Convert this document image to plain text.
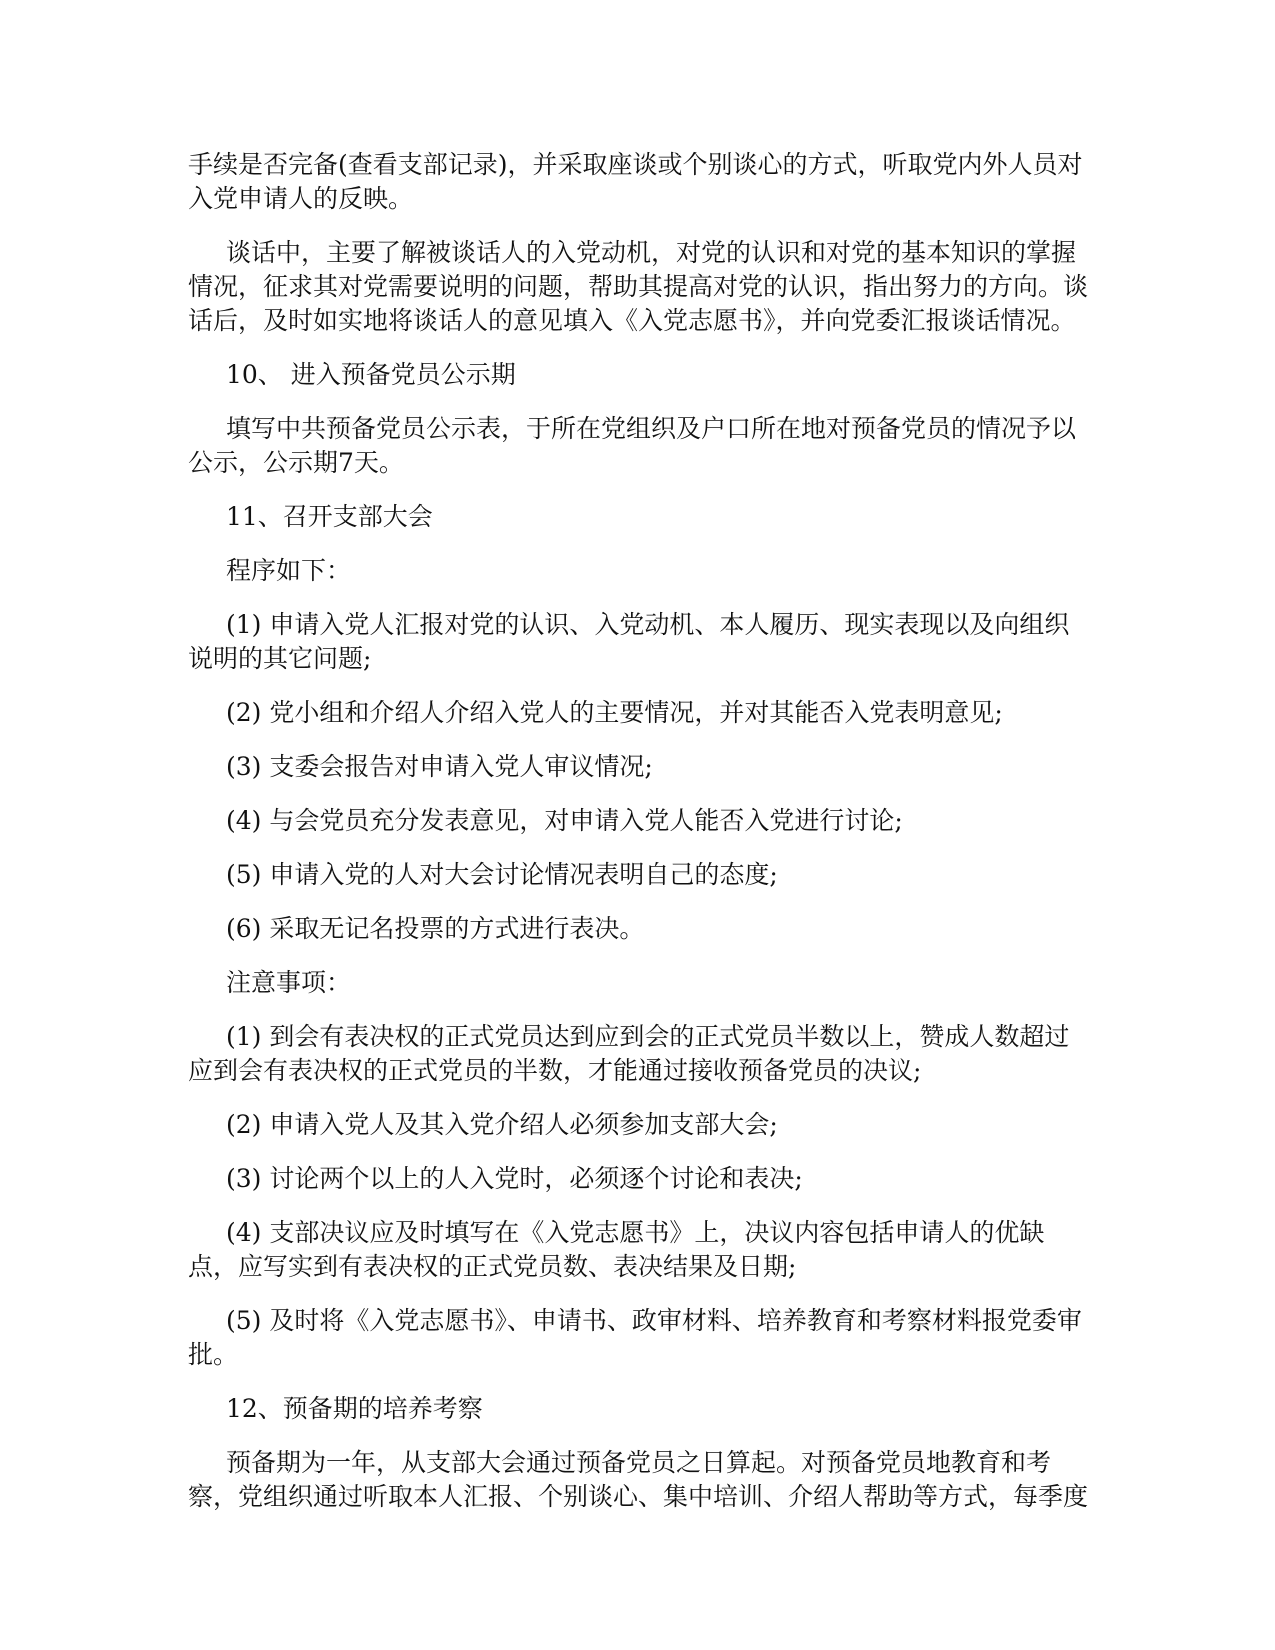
手续是否完备(查看支部记录)，并采取座谈或个别谈心的方式，听取党内外人员对入党申请人的反映。

谈话中，主要了解被谈话人的入党动机，对党的认识和对党的基本知识的掌握情况，征求其对党需要说明的问题，帮助其提高对党的认识，指出努力的方向。谈话后，及时如实地将谈话人的意见填入《入党志愿书》，并向党委汇报谈话情况。

10、 进入预备党员公示期

填写中共预备党员公示表，于所在党组织及户口所在地对预备党员的情况予以公示，公示期7天。

11、召开支部大会

程序如下：

(1) 申请入党人汇报对党的认识、入党动机、本人履历、现实表现以及向组织说明的其它问题;

(2) 党小组和介绍人介绍入党人的主要情况，并对其能否入党表明意见;

(3) 支委会报告对申请入党人审议情况;

(4) 与会党员充分发表意见，对申请入党人能否入党进行讨论;

(5) 申请入党的人对大会讨论情况表明自己的态度;

(6) 采取无记名投票的方式进行表决。

注意事项：

(1) 到会有表决权的正式党员达到应到会的正式党员半数以上，赞成人数超过应到会有表决权的正式党员的半数，才能通过接收预备党员的决议;

(2) 申请入党人及其入党介绍人必须参加支部大会;

(3) 讨论两个以上的人入党时，必须逐个讨论和表决;

(4) 支部决议应及时填写在《入党志愿书》上，决议内容包括申请人的优缺点，应写实到有表决权的正式党员数、表决结果及日期;

(5) 及时将《入党志愿书》、申请书、政审材料、培养教育和考察材料报党委审批。

12、预备期的培养考察

预备期为一年，从支部大会通过预备党员之日算起。对预备党员地教育和考察，党组织通过听取本人汇报、个别谈心、集中培训、介绍人帮助等方式，每季度
